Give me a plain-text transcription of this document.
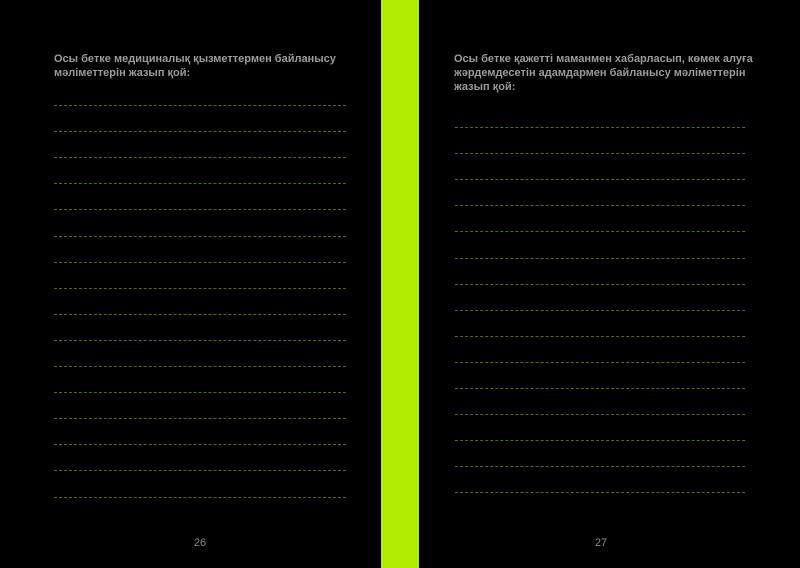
Осы бетке медициналық қызметтермен байланысу мәліметтерін жазып қой:

26

Осы бетке қажетті маманмен хабарласып, көмек алуға жәрдемдесетін адамдармен байланысу мәліметтерін жазып қой:

27
